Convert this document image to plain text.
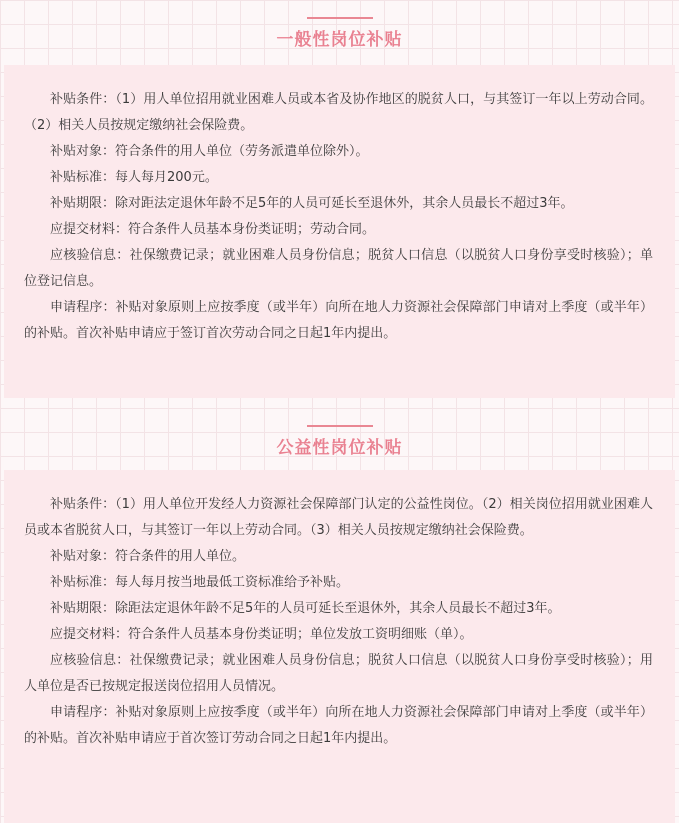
一般性岗位补贴

补贴条件：（1）用人单位招用就业困难人员或本省及协作地区的脱贫人口，与其签订一年以上劳动合同。（2）相关人员按规定缴纳社会保险费。

补贴对象：符合条件的用人单位（劳务派遣单位除外）。

补贴标准：每人每月200元。

补贴期限：除对距法定退休年龄不足5年的人员可延长至退休外，其余人员最长不超过3年。

应提交材料：符合条件人员基本身份类证明；劳动合同。

应核验信息：社保缴费记录；就业困难人员身份信息；脱贫人口信息（以脱贫人口身份享受时核验）；单位登记信息。

申请程序：补贴对象原则上应按季度（或半年）向所在地人力资源社会保障部门申请对上季度（或半年）的补贴。首次补贴申请应于签订首次劳动合同之日起1年内提出。

公益性岗位补贴

补贴条件：（1）用人单位开发经人力资源社会保障部门认定的公益性岗位。（2）相关岗位招用就业困难人员或本省脱贫人口，与其签订一年以上劳动合同。（3）相关人员按规定缴纳社会保险费。

补贴对象：符合条件的用人单位。

补贴标准：每人每月按当地最低工资标准给予补贴。

补贴期限：除距法定退休年龄不足5年的人员可延长至退休外，其余人员最长不超过3年。

应提交材料：符合条件人员基本身份类证明；单位发放工资明细账（单）。

应核验信息：社保缴费记录；就业困难人员身份信息；脱贫人口信息（以脱贫人口身份享受时核验）；用人单位是否已按规定报送岗位招用人员情况。

申请程序：补贴对象原则上应按季度（或半年）向所在地人力资源社会保障部门申请对上季度（或半年）的补贴。首次补贴申请应于首次签订劳动合同之日起1年内提出。
